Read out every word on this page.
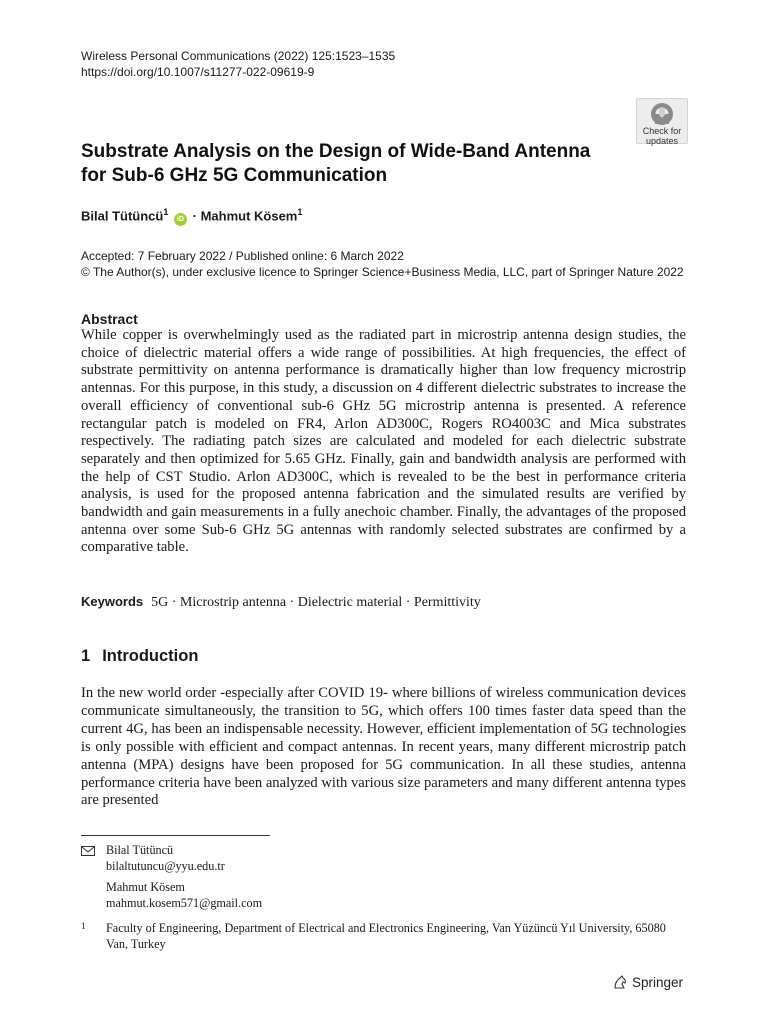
Wireless Personal Communications (2022) 125:1523–1535
https://doi.org/10.1007/s11277-022-09619-9
Check for
updates
Substrate Analysis on the Design of Wide-Band Antenna
for Sub-6 GHz 5G Communication
Bilal Tütüncü$^1$ iD · Mahmut Kösem$^1$
Accepted: 7 February 2022 / Published online: 6 March 2022
© The Author(s), under exclusive licence to Springer Science+Business Media, LLC, part of Springer Nature 2022
Abstract
While copper is overwhelmingly used as the radiated part in microstrip antenna design studies, the choice of dielectric material offers a wide range of possibilities. At high frequencies, the effect of substrate permittivity on antenna performance is dramatically higher than low frequency microstrip antennas. For this purpose, in this study, a discussion on 4 different dielectric substrates to increase the overall efficiency of conventional sub-6 GHz 5G microstrip antenna is presented. A reference rectangular patch is modeled on FR4, Arlon AD300C, Rogers RO4003C and Mica substrates respectively. The radiating patch sizes are calculated and modeled for each dielectric substrate separately and then optimized for 5.65 GHz. Finally, gain and bandwidth analysis are performed with the help of CST Studio. Arlon AD300C, which is revealed to be the best in performance criteria analysis, is used for the proposed antenna fabrication and the simulated results are verified by bandwidth and gain measurements in a fully anechoic chamber. Finally, the advantages of the proposed antenna over some Sub-6 GHz 5G antennas with randomly selected substrates are confirmed by a comparative table.
Keywords 5G · Microstrip antenna · Dielectric material · Permittivity
1 Introduction
In the new world order -especially after COVID 19- where billions of wireless communication devices communicate simultaneously, the transition to 5G, which offers 100 times faster data speed than the current 4G, has been an indispensable necessity. However, efficient implementation of 5G technologies is only possible with efficient and compact antennas. In recent years, many different microstrip patch antenna (MPA) designs have been proposed for 5G communication. In all these studies, antenna performance criteria have been analyzed with various size parameters and many different antenna types are presented
Bilal Tütüncü
bilaltutuncu@yyu.edu.tr
Mahmut Kösem
mahmut.kosem571@gmail.com
1 Faculty of Engineering, Department of Electrical and Electronics Engineering, Van Yüzüncü Yıl University, 65080 Van, Turkey
Springer
